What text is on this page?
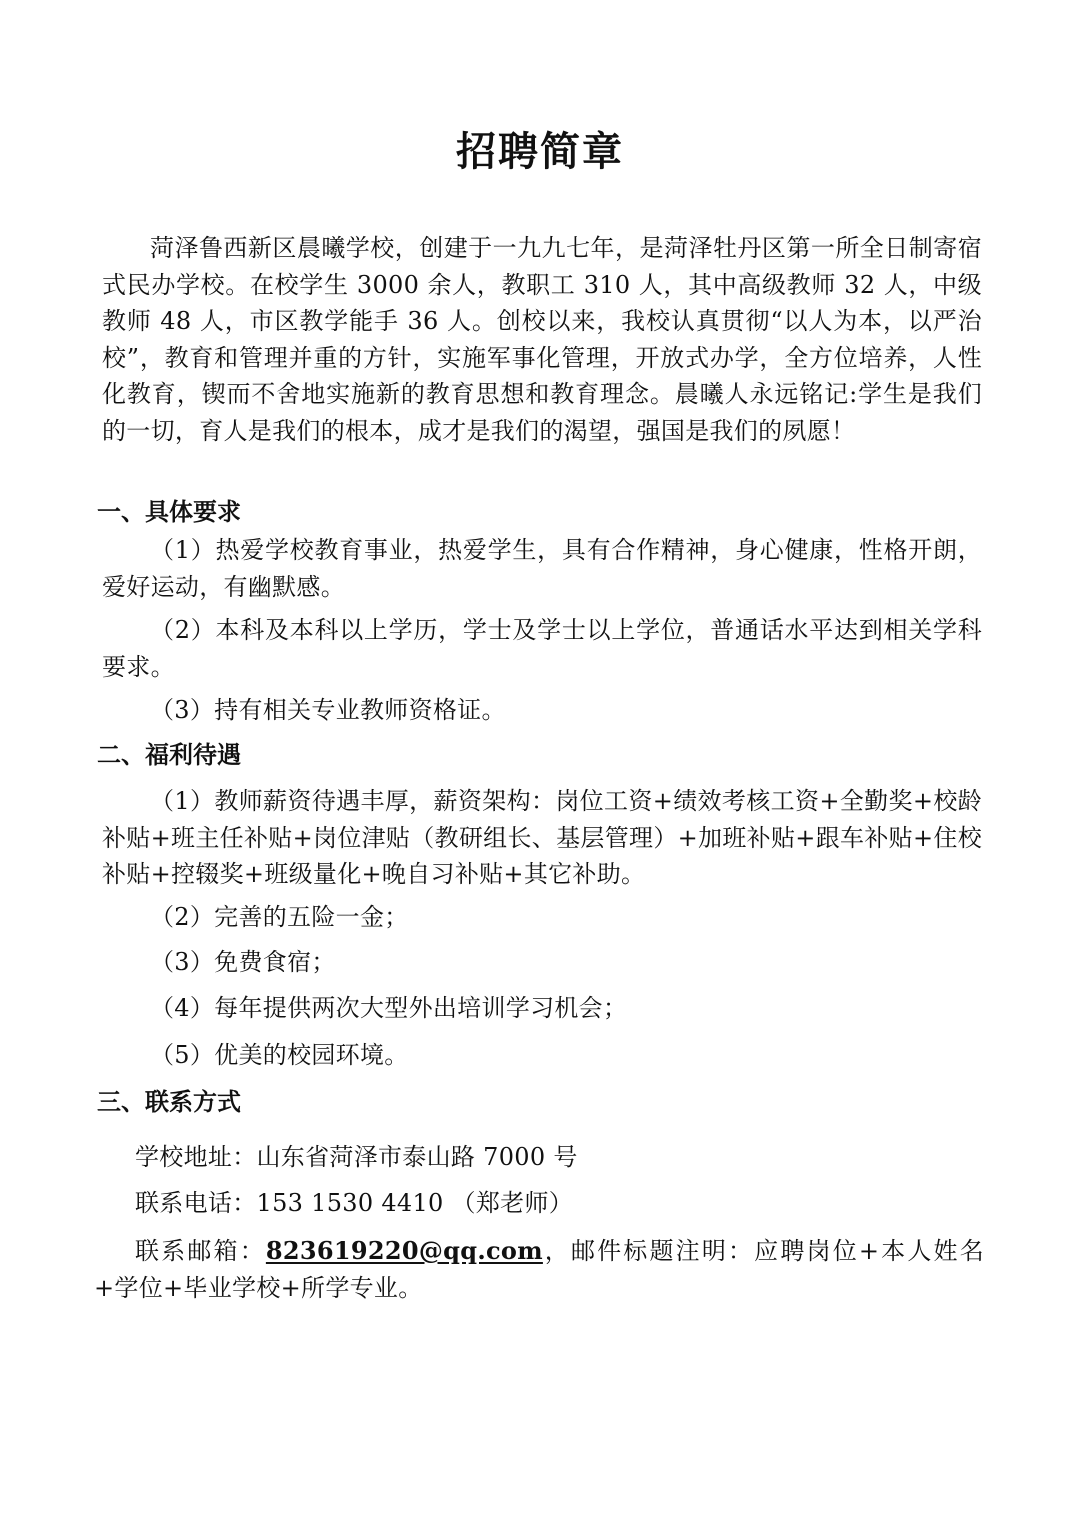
招聘简章
菏泽鲁西新区晨曦学校，创建于一九九七年，是菏泽牡丹区第一所全日制寄宿式民办学校。在校学生 3000 余人，教职工 310 人，其中高级教师 32 人，中级教师 48 人，市区教学能手 36 人。创校以来，我校认真贯彻“以人为本，以严治校”，教育和管理并重的方针，实施军事化管理，开放式办学，全方位培养，人性化教育，锲而不舍地实施新的教育思想和教育理念。晨曦人永远铭记:学生是我们的一切，育人是我们的根本，成才是我们的渴望，强国是我们的夙愿！
一、具体要求
（1）热爱学校教育事业，热爱学生，具有合作精神，身心健康，性格开朗，爱好运动，有幽默感。
（2）本科及本科以上学历，学士及学士以上学位，普通话水平达到相关学科要求。
（3）持有相关专业教师资格证。
二、福利待遇
（1）教师薪资待遇丰厚，薪资架构：岗位工资+绩效考核工资+全勤奖+校龄补贴+班主任补贴+岗位津贴（教研组长、基层管理）+加班补贴+跟车补贴+住校补贴+控辍奖+班级量化+晚自习补贴+其它补助。
（2）完善的五险一金；
（3）免费食宿；
（4）每年提供两次大型外出培训学习机会；
（5）优美的校园环境。
三、联系方式
学校地址：山东省菏泽市泰山路 7000 号
联系电话：153 1530 4410 （郑老师）
联系邮箱：823619220@qq.com，邮件标题注明：应聘岗位+本人姓名+学位+毕业学校+所学专业。
